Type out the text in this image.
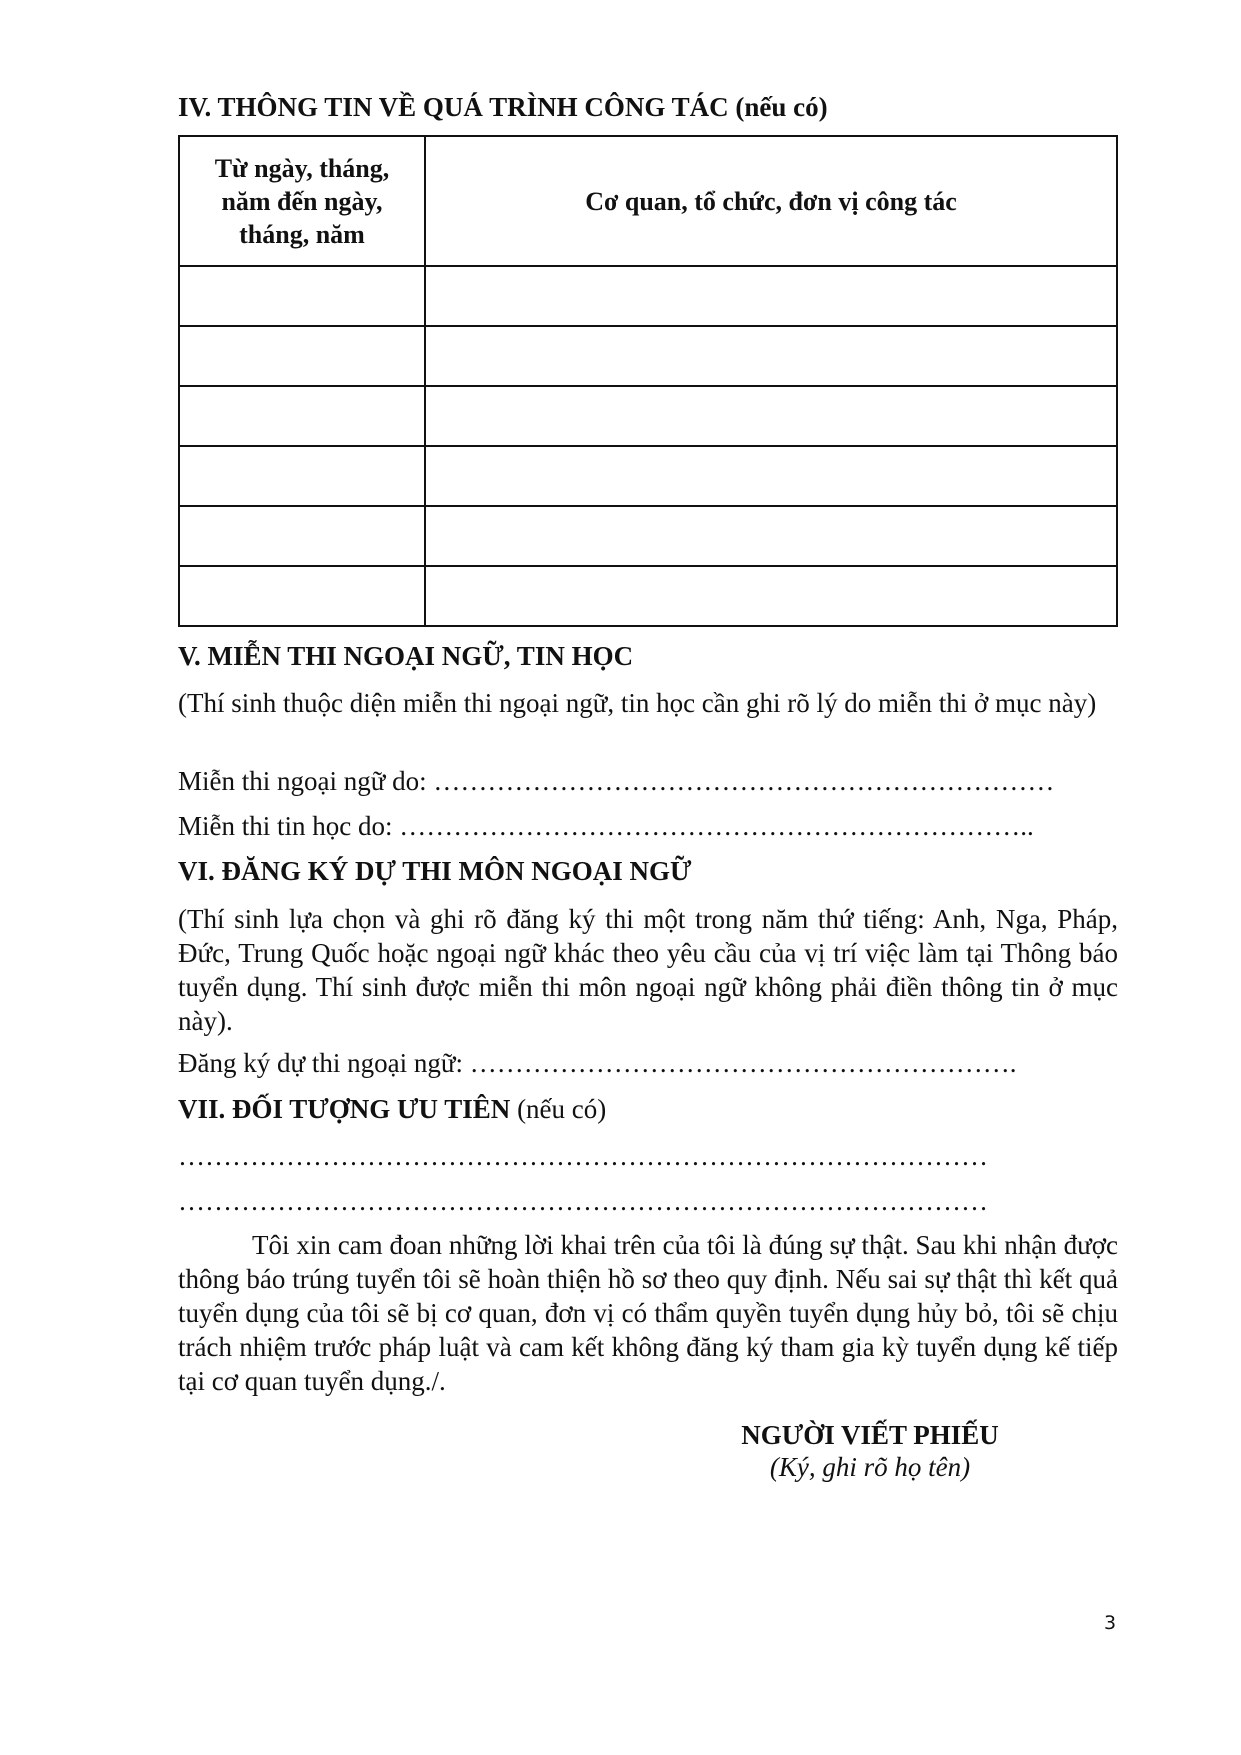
IV. THÔNG TIN VỀ QUÁ TRÌNH CÔNG TÁC (nếu có)
Từ ngày, tháng, năm đến ngày, tháng, năm	Cơ quan, tổ chức, đơn vị công tác

V. MIỄN THI NGOẠI NGỮ, TIN HỌC
(Thí sinh thuộc diện miễn thi ngoại ngữ, tin học cần ghi rõ lý do miễn thi ở mục này)
Miễn thi ngoại ngữ do: ……………………………………………………………
Miễn thi tin học do: ……………………………………………………………..
VI. ĐĂNG KÝ DỰ THI MÔN NGOẠI NGỮ
(Thí sinh lựa chọn và ghi rõ đăng ký thi một trong năm thứ tiếng: Anh, Nga, Pháp, Đức, Trung Quốc hoặc ngoại ngữ khác theo yêu cầu của vị trí việc làm tại Thông báo tuyển dụng. Thí sinh được miễn thi môn ngoại ngữ không phải điền thông tin ở mục này).
Đăng ký dự thi ngoại ngữ: …………………………………………………….
VII. ĐỐI TƯỢNG ƯU TIÊN (nếu có)
………………………………………………………………………………
………………………………………………………………………………
Tôi xin cam đoan những lời khai trên của tôi là đúng sự thật. Sau khi nhận được thông báo trúng tuyển tôi sẽ hoàn thiện hồ sơ theo quy định. Nếu sai sự thật thì kết quả tuyển dụng của tôi sẽ bị cơ quan, đơn vị có thẩm quyền tuyển dụng hủy bỏ, tôi sẽ chịu trách nhiệm trước pháp luật và cam kết không đăng ký tham gia kỳ tuyển dụng kế tiếp tại cơ quan tuyển dụng./.
NGƯỜI VIẾT PHIẾU
(Ký, ghi rõ họ tên)
3
